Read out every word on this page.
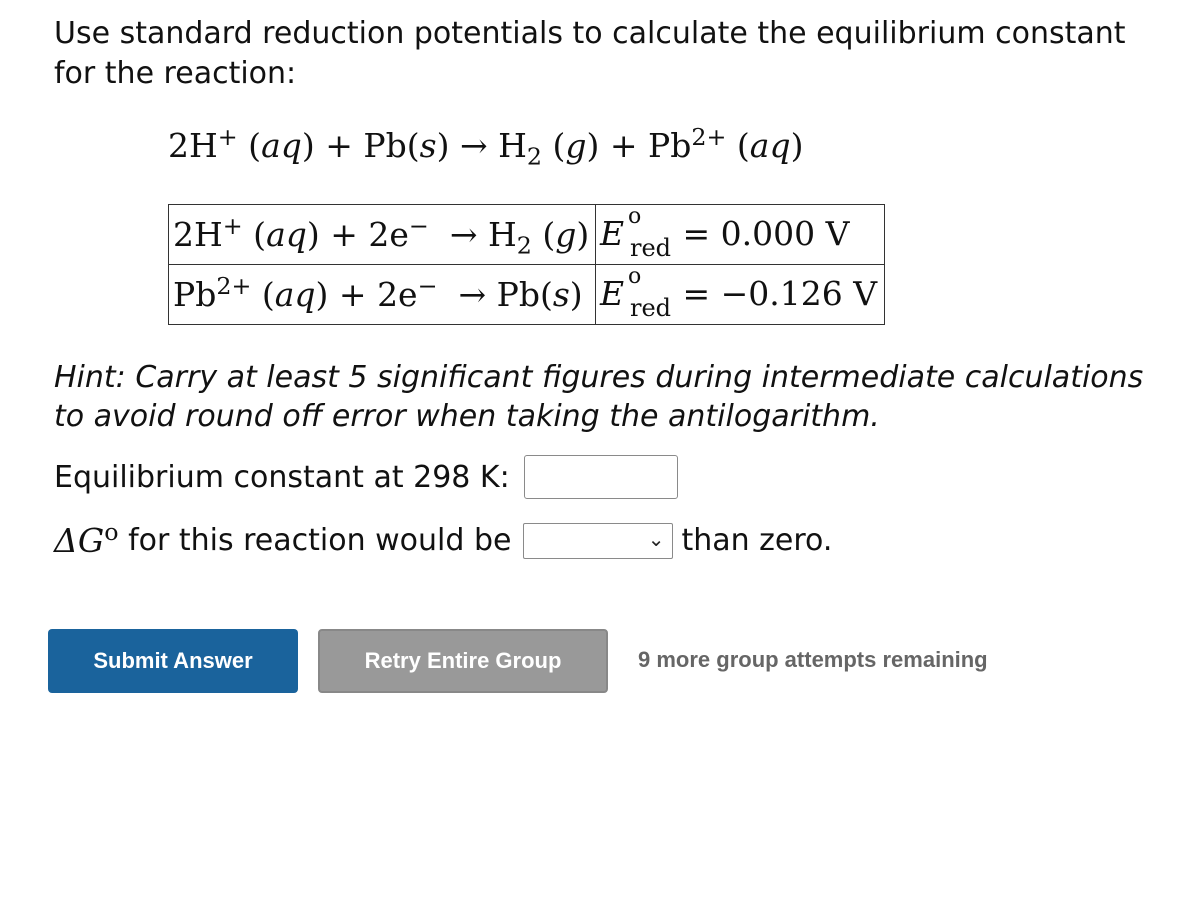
Use standard reduction potentials to calculate the equilibrium constant for the reaction:

2H+ $(aq) + Pb(s) \to H_2$ $(g) + Pb^{2+}$ (aq)
2H+ $(aq) + 2e^- \to H_2$ (g)	E o
red = 0.000 V
$Pb^{2+}$ (aq) + 2e− → Pb(s)	E o
red = −0.126 V

Hint: Carry at least 5 significant figures during intermediate calculations to avoid round off error when taking the antilogarithm.

Equilibrium constant at 298 K:
$\Delta G^o$
for this reaction would be	⌄ than zero.
Submit Answer	Retry Entire Group	9 more group attempts remaining
